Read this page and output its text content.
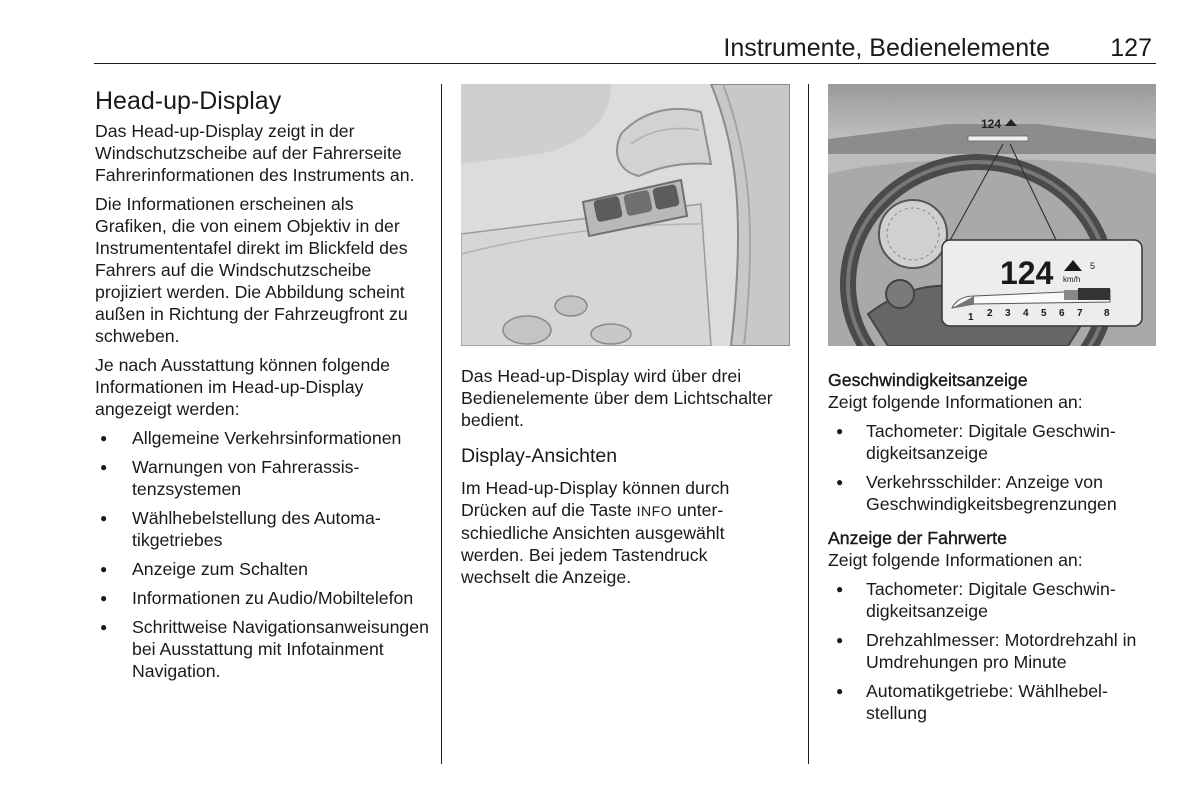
Instrumente, Bedienelemente 127
Head-up-Display

Das Head-up-Display zeigt in der Windschutzscheibe auf der Fahrerseite Fahrerinformationen des Instruments an.

Die Informationen erscheinen als Grafiken, die von einem Objektiv in der Instrumententafel direkt im Blickfeld des Fahrers auf die Windschutzscheibe projiziert werden. Die Abbildung scheint außen in Richtung der Fahrzeugfront zu schweben.

Je nach Ausstattung können folgende Informationen im Head-up-Display angezeigt werden:

● Allgemeine Verkehrsinformationen
● Warnungen von Fahrerassistenzsystemen
● Wählhebelstellung des Automatikgetriebes
● Anzeige zum Schalten
● Informationen zu Audio/Mobiltelefon
● Schrittweise Navigationsanweisungen bei Ausstattung mit Infotainment Navigation.

Das Head-up-Display wird über drei Bedienelemente über dem Lichtschalter bedient.

Display-Ansichten

Im Head-up-Display können durch Drücken auf die Taste INFO unterschiedliche Ansichten ausgewählt werden. Bei jedem Tastendruck wechselt die Anzeige.

124
124 km/h
5
1 2 3 4 5 6 7 8
Geschwindigkeitsanzeige

Zeigt folgende Informationen an:

● Tachometer: Digitale Geschwindigkeitsanzeige
● Verkehrsschilder: Anzeige von Geschwindigkeitsbegrenzungen
Anzeige der Fahrwerte

Zeigt folgende Informationen an:

● Tachometer: Digitale Geschwindigkeitsanzeige
● Drehzahlmesser: Motordrehzahl in Umdrehungen pro Minute
● Automatikgetriebe: Wählhebelstellung
